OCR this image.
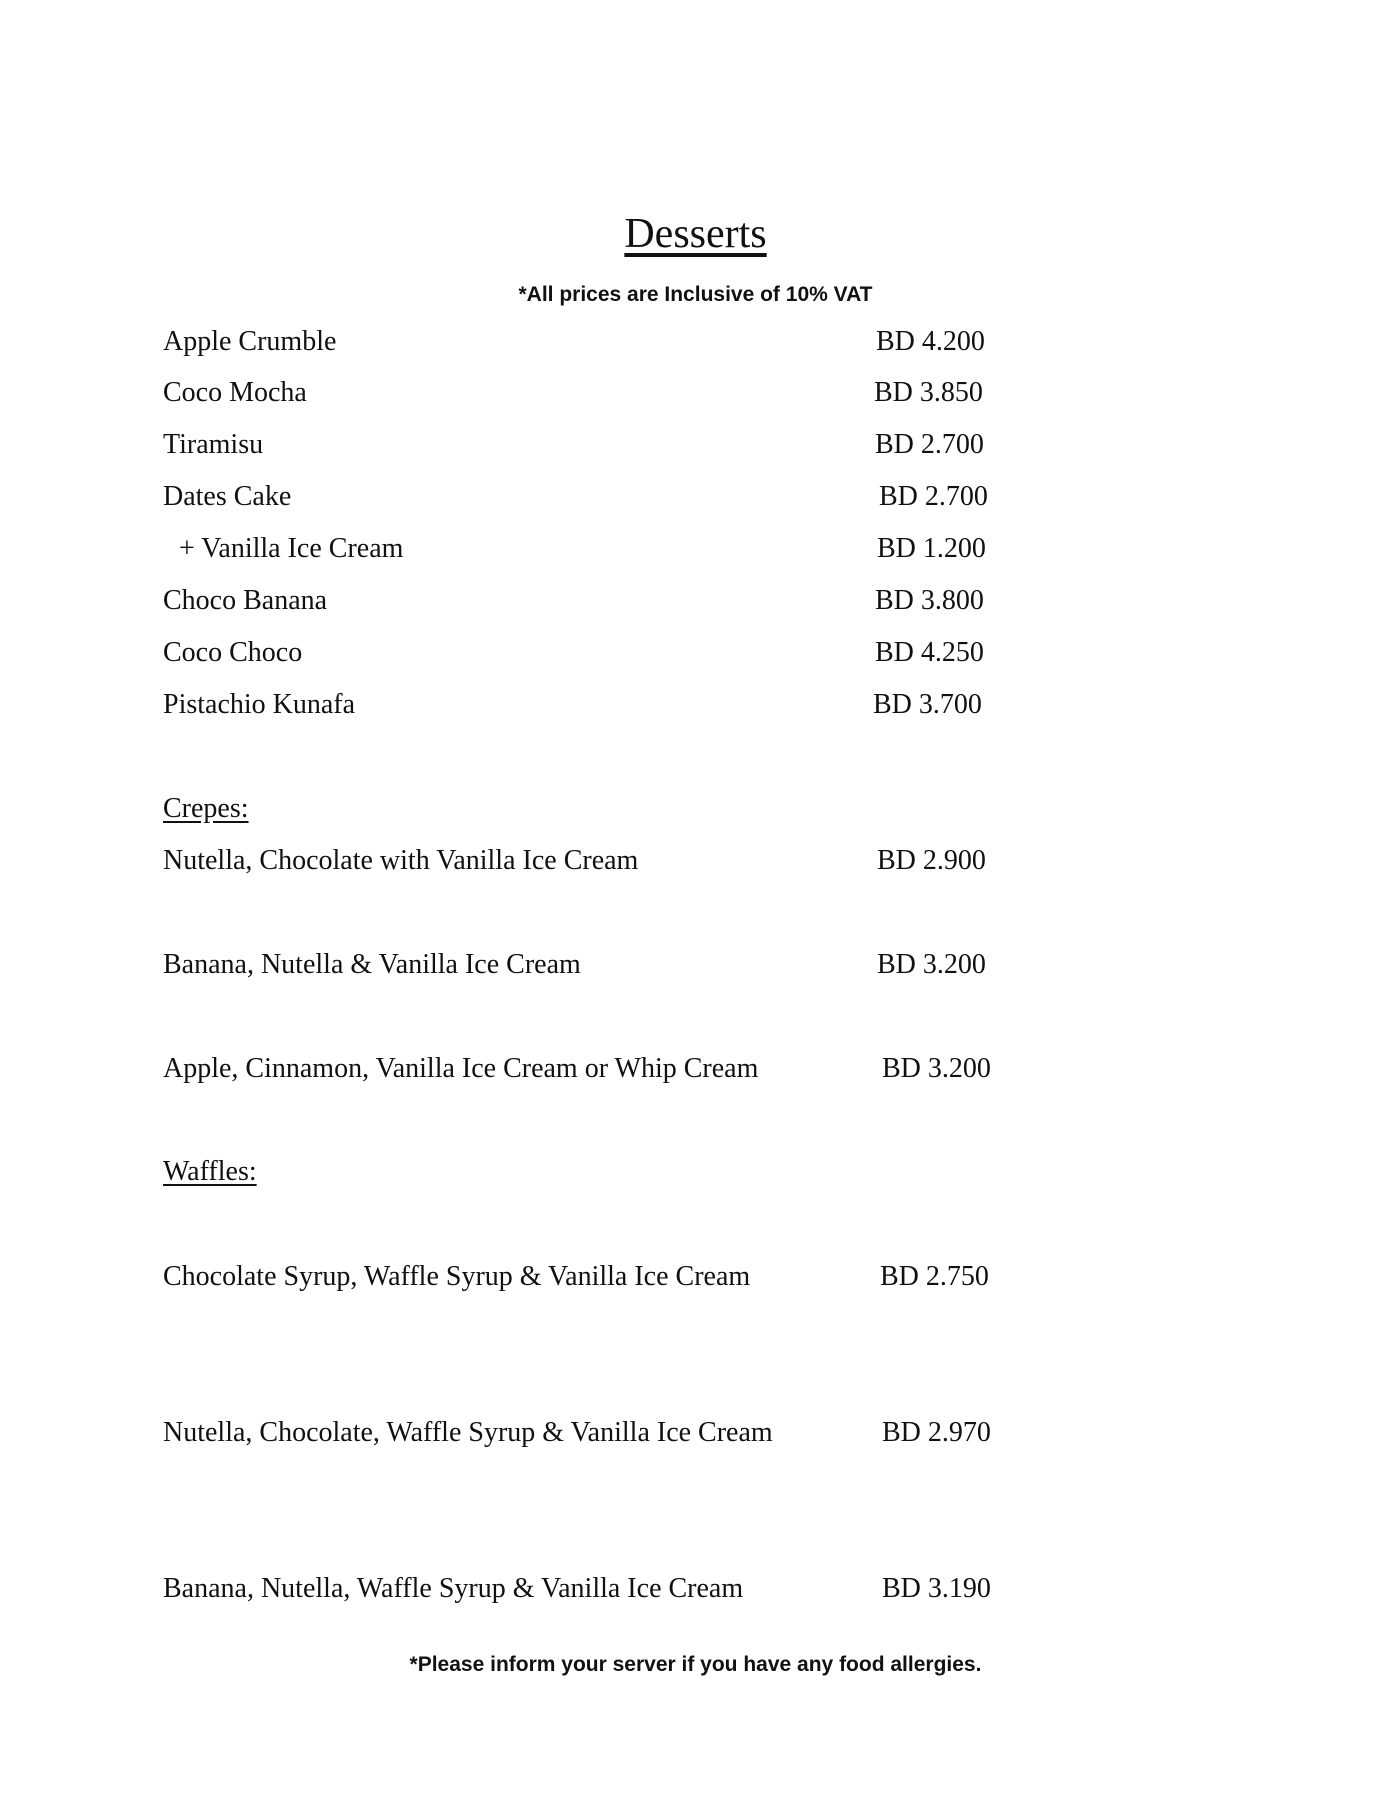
Desserts
*All prices are Inclusive of 10% VAT
Apple Crumble	BD 4.200
Coco Mocha	BD 3.850
Tiramisu	BD 2.700
Dates Cake	BD 2.700
+ Vanilla Ice Cream	BD 1.200
Choco Banana	BD 3.800
Coco Choco	BD 4.250
Pistachio Kunafa	BD 3.700
Crepes:
Nutella, Chocolate with Vanilla Ice Cream	BD 2.900
Banana, Nutella & Vanilla Ice Cream	BD 3.200
Apple, Cinnamon, Vanilla Ice Cream or Whip Cream	BD 3.200
Waffles:
Chocolate Syrup, Waffle Syrup & Vanilla Ice Cream	BD 2.750
Nutella, Chocolate, Waffle Syrup & Vanilla Ice Cream	BD 2.970
Banana, Nutella, Waffle Syrup & Vanilla Ice Cream	BD 3.190
*Please inform your server if you have any food allergies.
